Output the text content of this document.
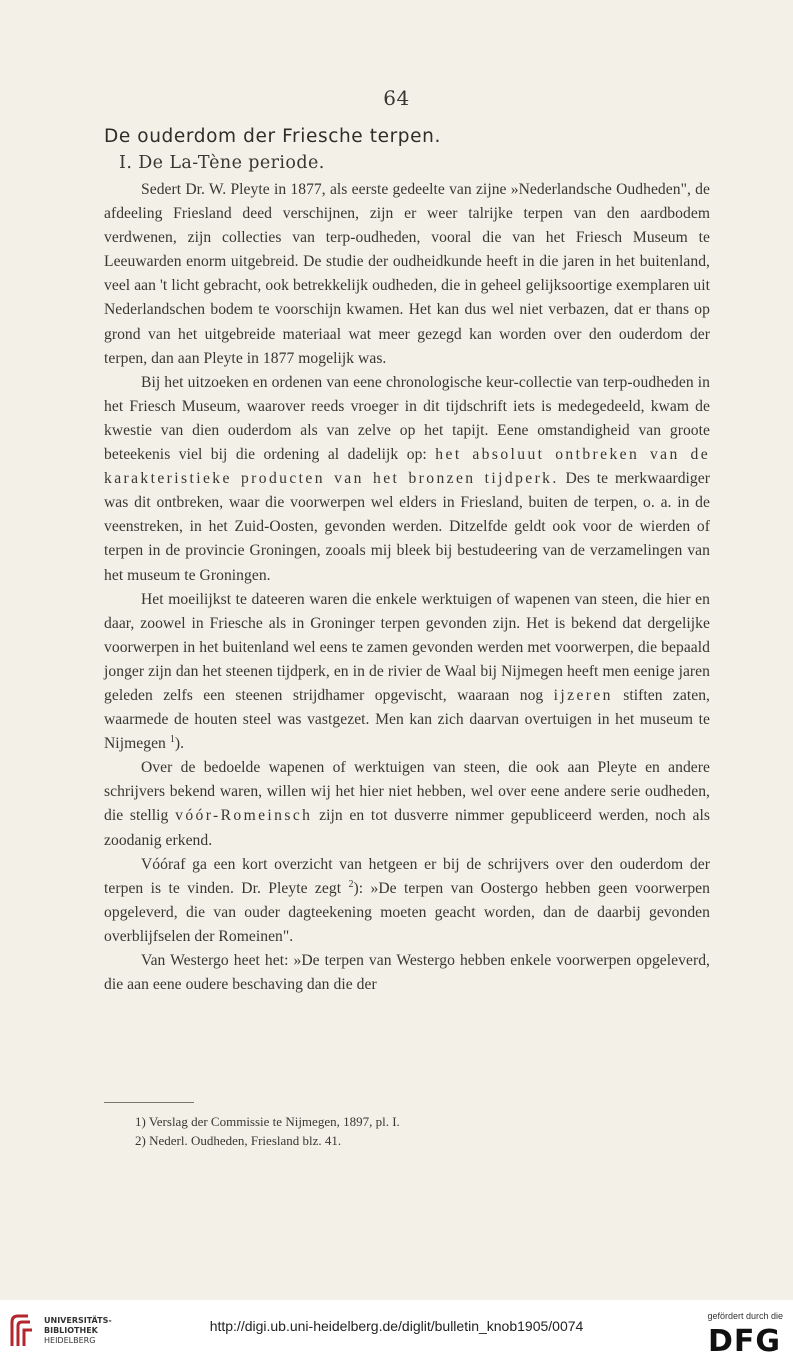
64
De ouderdom der Friesche terpen.
I. De La-Tène periode.

Sedert Dr. W. Pleyte in 1877, als eerste gedeelte van zijne »Nederlandsche Oudheden", de afdeeling Friesland deed verschijnen, zijn er weer talrijke terpen van den aardbodem verdwenen, zijn collecties van terp-oudheden, vooral die van het Friesch Museum te Leeuwarden enorm uitgebreid. De studie der oudheidkunde heeft in die jaren in het buitenland, veel aan 't licht gebracht, ook betrekkelijk oudheden, die in geheel gelijksoortige exemplaren uit Nederlandschen bodem te voorschijn kwamen. Het kan dus wel niet verbazen, dat er thans op grond van het uitgebreide materiaal wat meer gezegd kan worden over den ouderdom der terpen, dan aan Pleyte in 1877 mogelijk was.

Bij het uitzoeken en ordenen van eene chronologische keur-collectie van terp-oudheden in het Friesch Museum, waarover reeds vroeger in dit tijdschrift iets is medegedeeld, kwam de kwestie van dien ouderdom als van zelve op het tapijt. Eene omstandigheid van groote beteekenis viel bij die ordening al dadelijk op: het absoluut ontbreken van de karakteristieke producten van het bronzen tijdperk. Des te merkwaardiger was dit ontbreken, waar die voorwerpen wel elders in Friesland, buiten de terpen, o. a. in de veenstreken, in het Zuid-Oosten, gevonden werden. Ditzelfde geldt ook voor de wierden of terpen in de provincie Groningen, zooals mij bleek bij bestudeering van de verzamelingen van het museum te Groningen.

Het moeilijkst te dateeren waren die enkele werktuigen of wapenen van steen, die hier en daar, zoowel in Friesche als in Groninger terpen gevonden zijn. Het is bekend dat dergelijke voorwerpen in het buitenland wel eens te zamen gevonden werden met voorwerpen, die bepaald jonger zijn dan het steenen tijdperk, en in de rivier de Waal bij Nijmegen heeft men eenige jaren geleden zelfs een steenen strijdhamer opgevischt, waaraan nog ijzeren stiften zaten, waarmede de houten steel was vastgezet. Men kan zich daarvan overtuigen in het museum te Nijmegen $^1$).

Over de bedoelde wapenen of werktuigen van steen, die ook aan Pleyte en andere schrijvers bekend waren, willen wij het hier niet hebben, wel over eene andere serie oudheden, die stellig vóór-Romeinsch zijn en tot dusverre nimmer gepubliceerd werden, noch als zoodanig erkend.

Vóóraf ga een kort overzicht van hetgeen er bij de schrijvers over den ouderdom der terpen is te vinden. Dr. Pleyte zegt $^2$): »De terpen van Oostergo hebben geen voorwerpen opgeleverd, die van ouder dagteekening moeten geacht worden, dan de daarbij gevonden overblijfselen der Romeinen".

Van Westergo heet het: »De terpen van Westergo hebben enkele voorwerpen opgeleverd, die aan eene oudere beschaving dan die der

1) Verslag der Commissie te Nijmegen, 1897, pl. I.

2) Nederl. Oudheden, Friesland blz. 41.

UNIVERSITÄTS-
BIBLIOTHEK
HEIDELBERG
http://digi.ub.uni-heidelberg.de/diglit/bulletin_knob1905/0074
gefördert durch die
DFG
